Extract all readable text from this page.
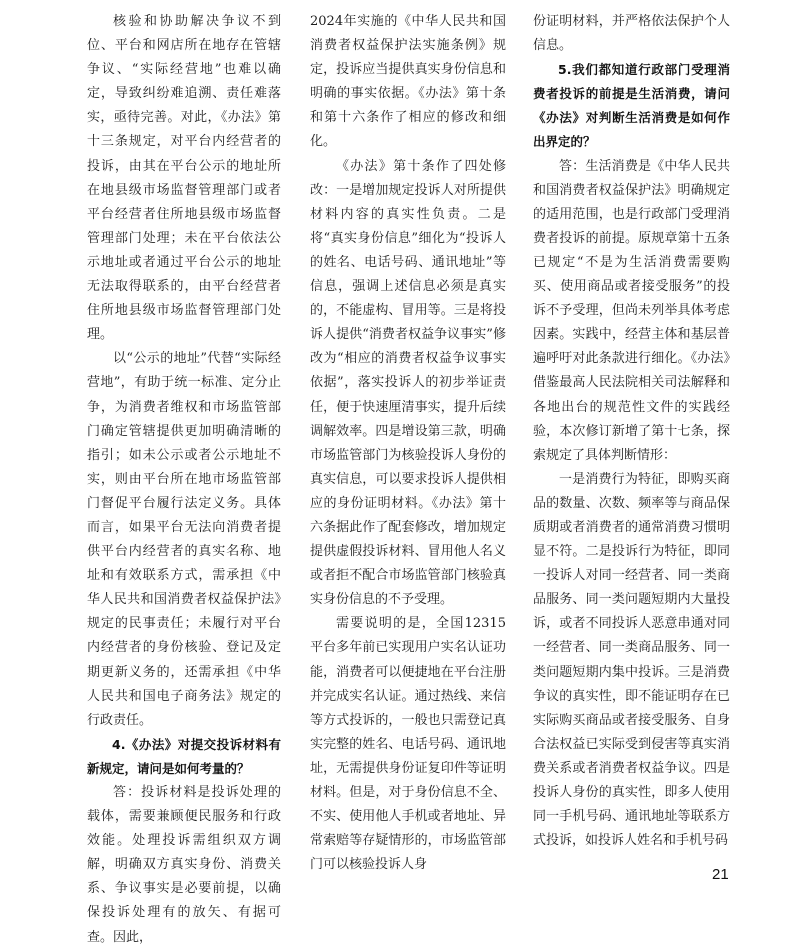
核验和协助解决争议不到位、平台和网店所在地存在管辖争议、“实际经营地”也难以确定，导致纠纷难追溯、责任难落实，亟待完善。对此，《办法》第十三条规定，对平台内经营者的投诉，由其在平台公示的地址所在地县级市场监督管理部门或者平台经营者住所地县级市场监督管理部门处理；未在平台依法公示地址或者通过平台公示的地址无法取得联系的，由平台经营者住所地县级市场监督管理部门处理。

以“公示的地址”代替“实际经营地”，有助于统一标准、定分止争，为消费者维权和市场监管部门确定管辖提供更加明确清晰的指引；如未公示或者公示地址不实，则由平台所在地市场监管部门督促平台履行法定义务。具体而言，如果平台无法向消费者提供平台内经营者的真实名称、地址和有效联系方式，需承担《中华人民共和国消费者权益保护法》规定的民事责任；未履行对平台内经营者的身份核验、登记及定期更新义务的，还需承担《中华人民共和国电子商务法》规定的行政责任。

4.《办法》对提交投诉材料有新规定，请问是如何考量的？

答：投诉材料是投诉处理的载体，需要兼顾便民服务和行政效能。处理投诉需组织双方调解，明确双方真实身份、消费关系、争议事实是必要前提，以确保投诉处理有的放矢、有据可查。因此，

2024年实施的《中华人民共和国消费者权益保护法实施条例》规定，投诉应当提供真实身份信息和明确的事实依据。《办法》第十条和第十六条作了相应的修改和细化。

《办法》第十条作了四处修改：一是增加规定投诉人对所提供材料内容的真实性负责。二是将“真实身份信息”细化为“投诉人的姓名、电话号码、通讯地址”等信息，强调上述信息必须是真实的，不能虚构、冒用等。三是将投诉人提供“消费者权益争议事实”修改为“相应的消费者权益争议事实依据”，落实投诉人的初步举证责任，便于快速厘清事实，提升后续调解效率。四是增设第三款，明确市场监管部门为核验投诉人身份的真实信息，可以要求投诉人提供相应的身份证明材料。《办法》第十六条据此作了配套修改，增加规定提供虚假投诉材料、冒用他人名义或者拒不配合市场监管部门核验真实身份信息的不予受理。

需要说明的是，全国12315平台多年前已实现用户实名认证功能，消费者可以便捷地在平台注册并完成实名认证。通过热线、来信等方式投诉的，一般也只需登记真实完整的姓名、电话号码、通讯地址，无需提供身份证复印件等证明材料。但是，对于身份信息不全、不实、使用他人手机或者地址、异常索赔等存疑情形的，市场监管部门可以核验投诉人身

份证明材料，并严格依法保护个人信息。

5.我们都知道行政部门受理消费者投诉的前提是生活消费，请问《办法》对判断生活消费是如何作出界定的？

答：生活消费是《中华人民共和国消费者权益保护法》明确规定的适用范围，也是行政部门受理消费者投诉的前提。原规章第十五条已规定“不是为生活消费需要购买、使用商品或者接受服务”的投诉不予受理，但尚未列举具体考虑因素。实践中，经营主体和基层普遍呼吁对此条款进行细化。《办法》借鉴最高人民法院相关司法解释和各地出台的规范性文件的实践经验，本次修订新增了第十七条，探索规定了具体判断情形：

一是消费行为特征，即购买商品的数量、次数、频率等与商品保质期或者消费者的通常消费习惯明显不符。二是投诉行为特征，即同一投诉人对同一经营者、同一类商品服务、同一类问题短期内大量投诉，或者不同投诉人恶意串通对同一经营者、同一类商品服务、同一类问题短期内集中投诉。三是消费争议的真实性，即不能证明存在已实际购买商品或者接受服务、自身合法权益已实际受到侵害等真实消费关系或者消费者权益争议。四是投诉人身份的真实性，即多人使用同一手机号码、通讯地址等联系方式投诉，如投诉人姓名和手机号码

21
